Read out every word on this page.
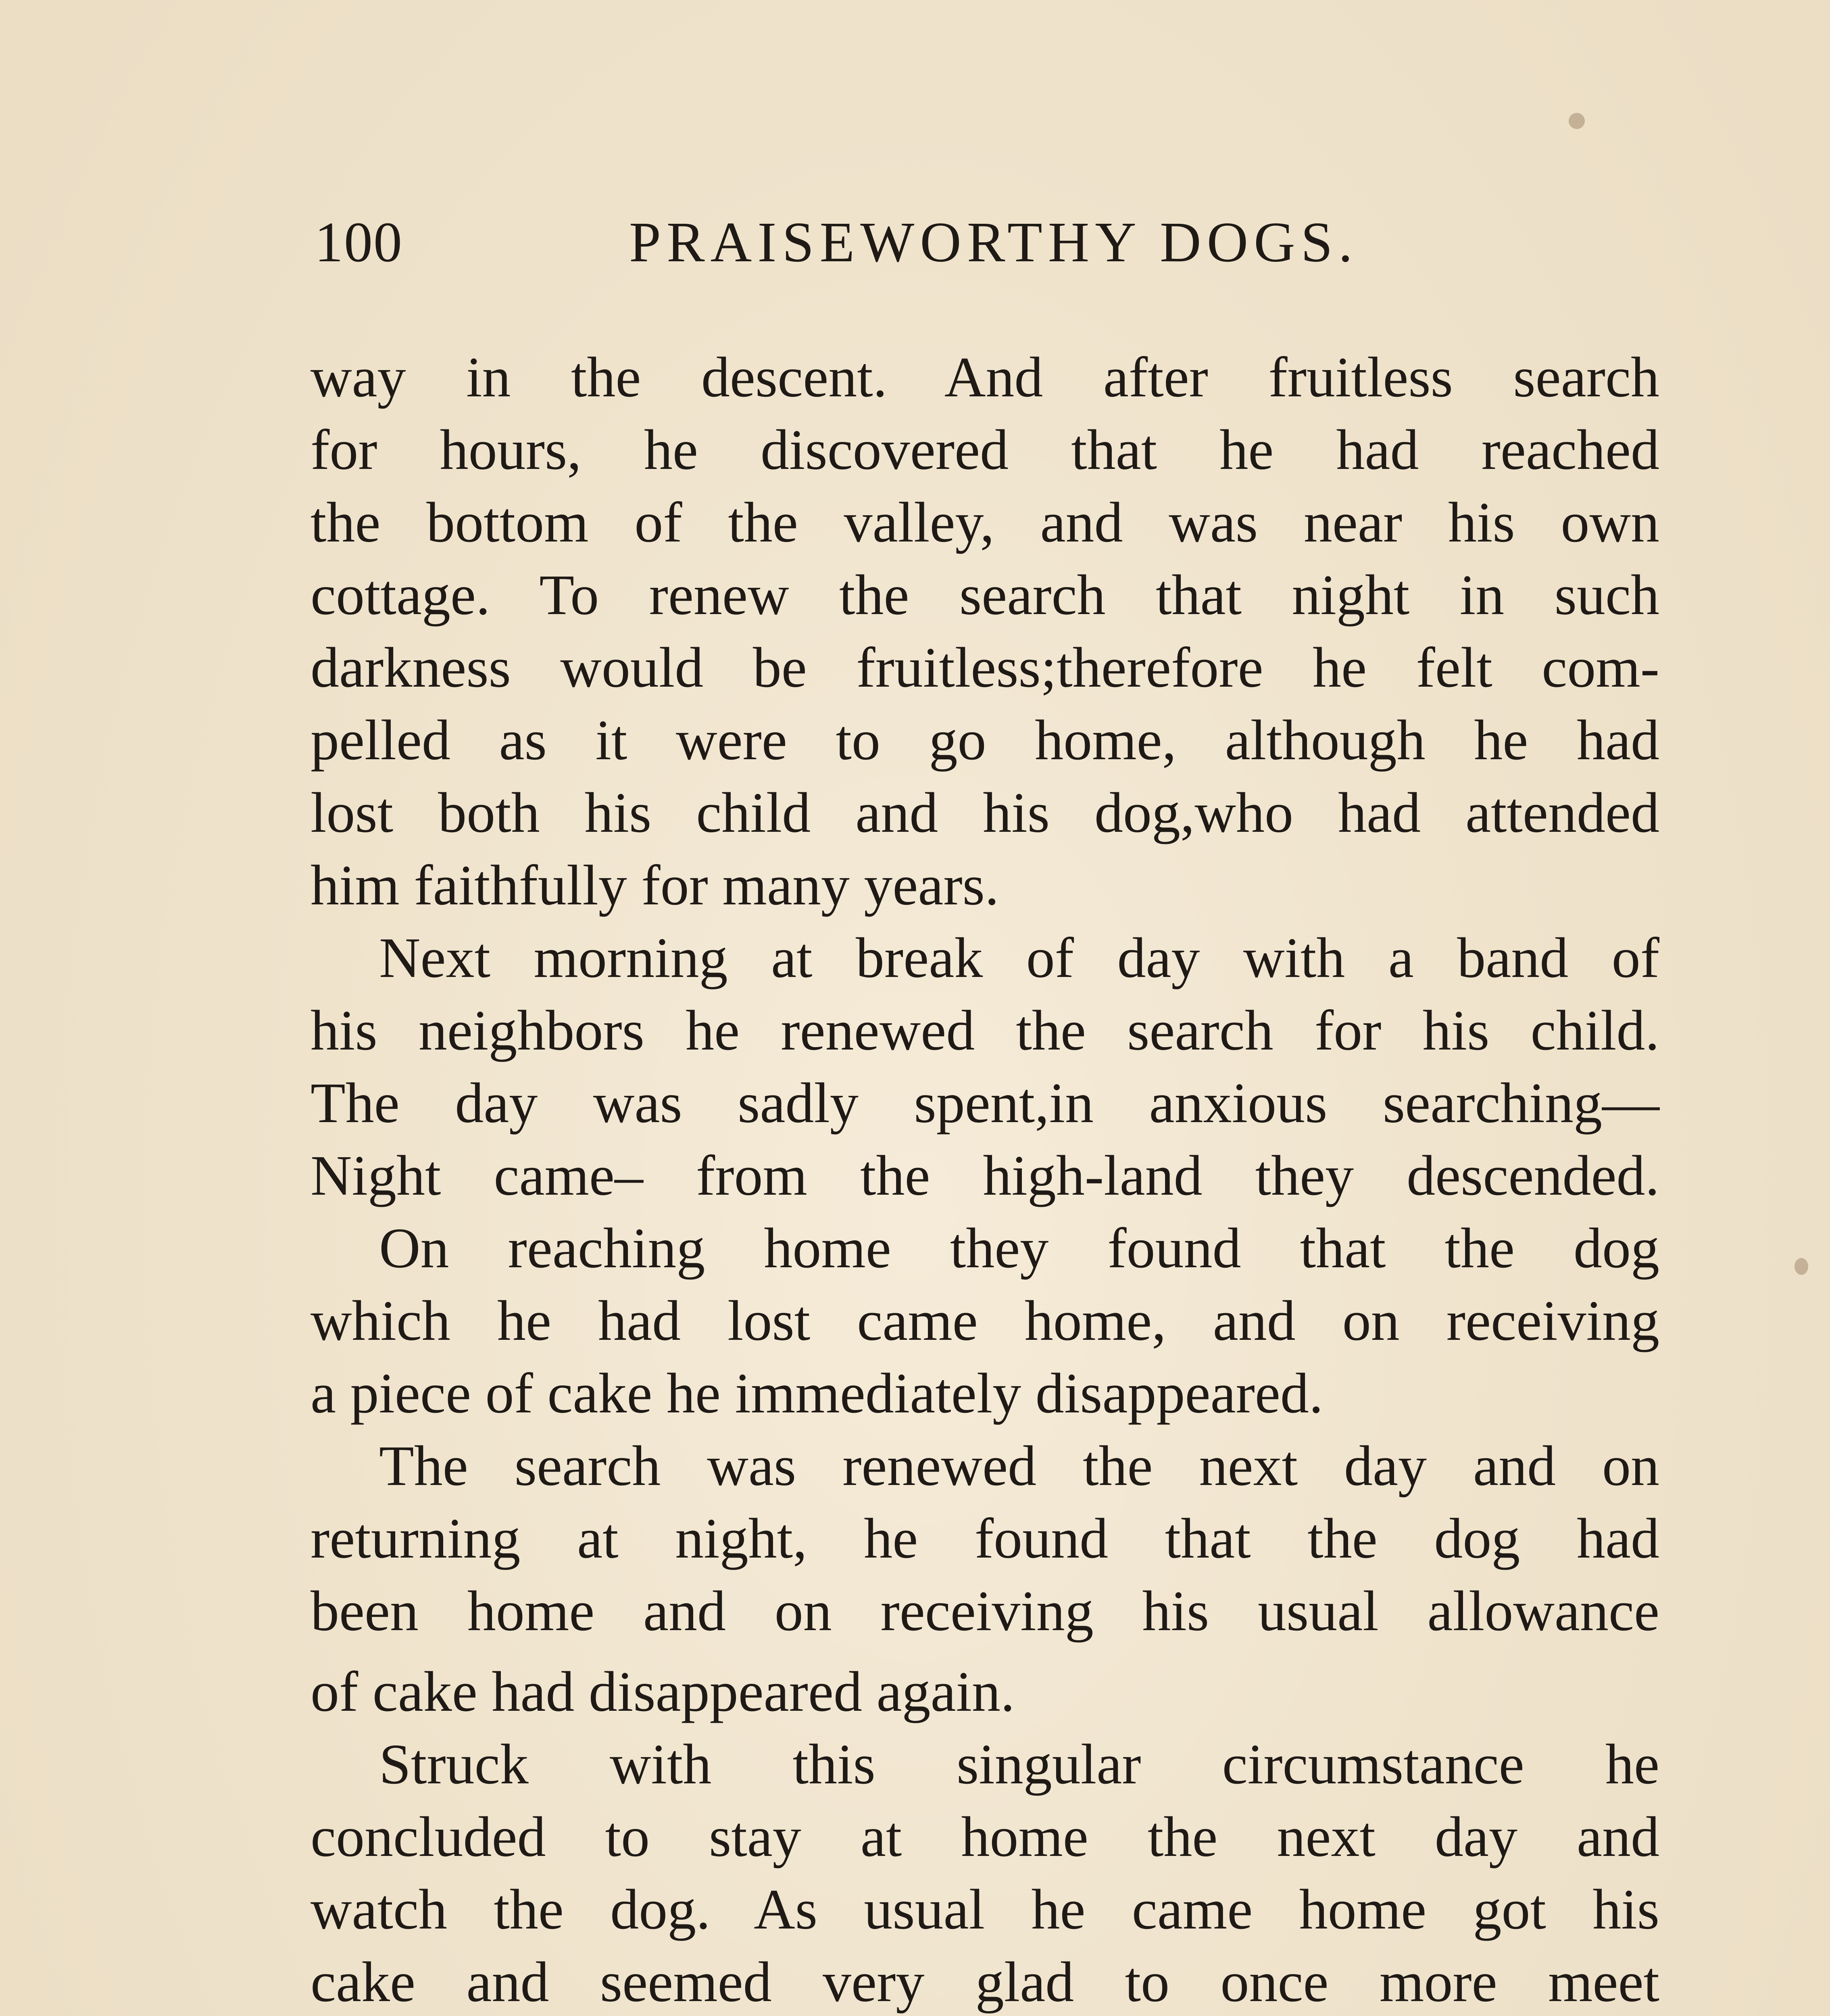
100	PRAISEWORTHY DOGS.
way in the descent. And after fruitless search
for hours, he discovered that he had reached
the bottom of the valley, and was near his own
cottage. To renew the search that night in such
darkness would be fruitless;therefore he felt com-
pelled as it were to go home, although he had
lost both his child and his dog,who had attended
him faithfully for many years.
Next morning at break of day with a band of
his neighbors he renewed the search for his child.
The day was sadly spent,in anxious searching—
Night came– from the high-land they descended.
On reaching home they found that the dog
which he had lost came home, and on receiving
a piece of cake he immediately disappeared.
The search was renewed the next day and on
returning at night, he found that the dog had
been home and on receiving his usual allowance
of cake had disappeared again.
Struck with this singular circumstance he
concluded to stay at home the next day and
watch the dog. As usual he came home got his
cake and seemed very glad to once more meet
